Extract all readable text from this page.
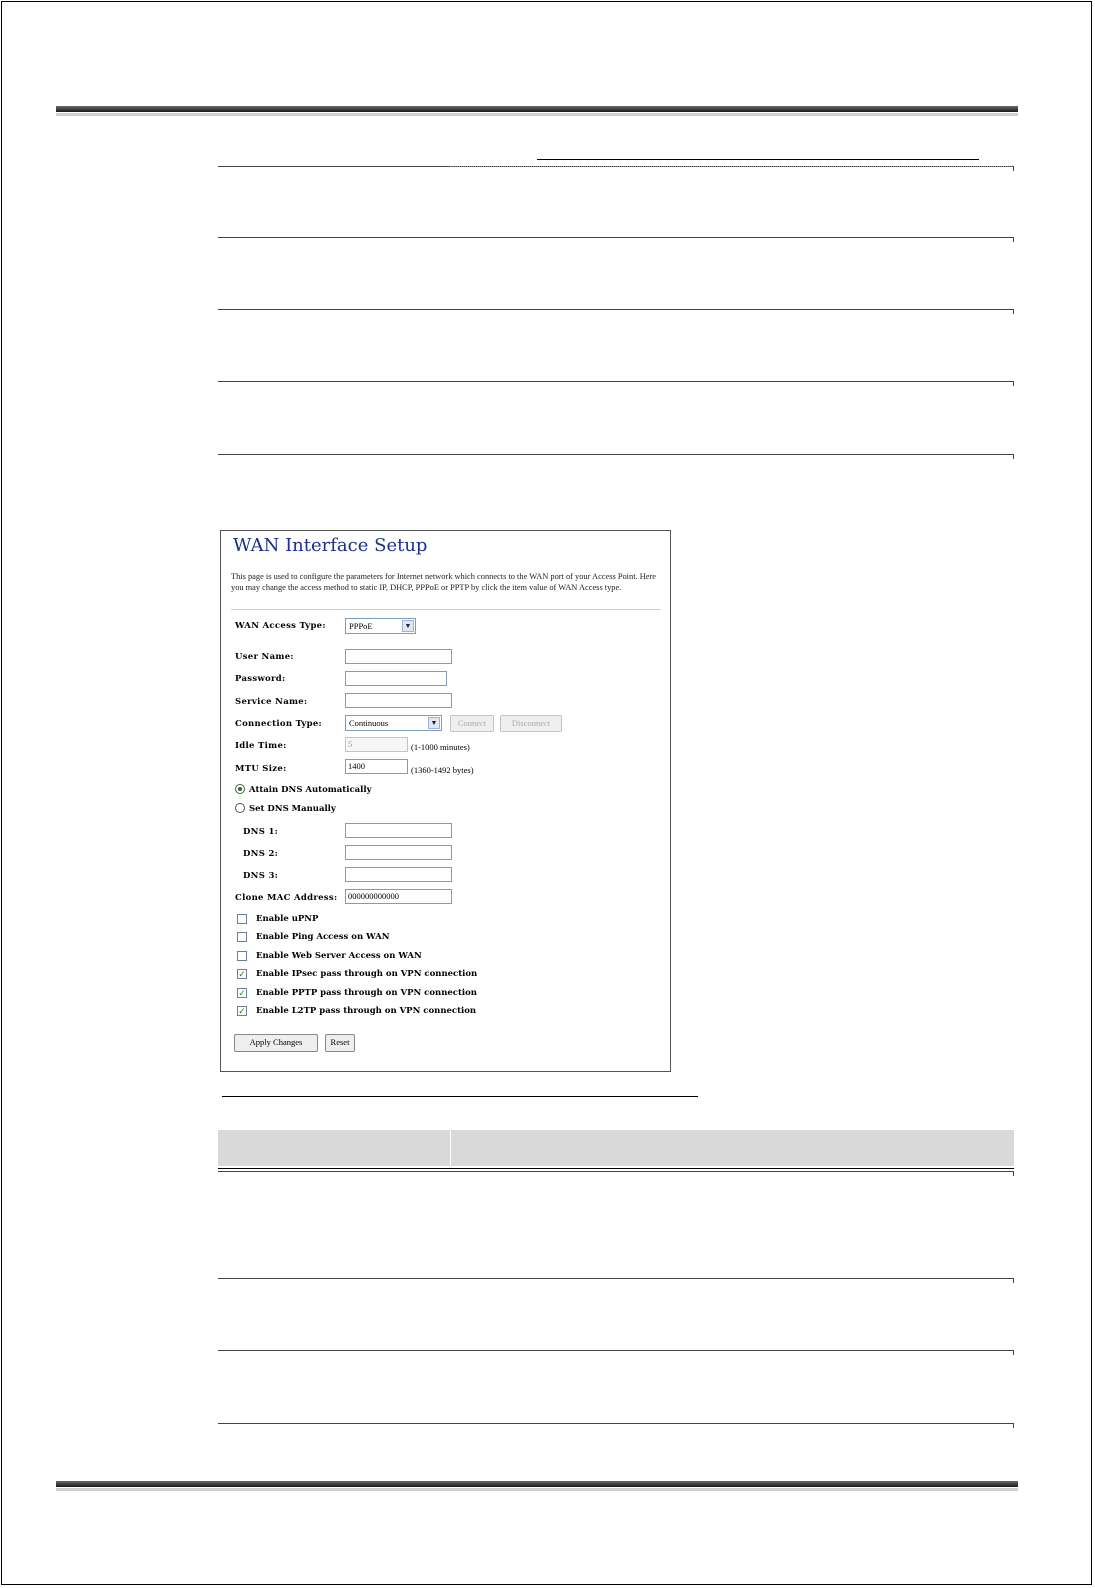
WAN Interface Setup
This page is used to configure the parameters for Internet network which connects to the WAN port of your Access Point. Here you may change the access method to static IP, DHCP, PPPoE or PPTP by click the item value of WAN Access type.
WAN Access Type:	PPPoE	▼
User Name:
Password:
Service Name:
Connection Type:	Continuous	▼	Connect	Disconnect
Idle Time:	5	(1-1000 minutes)
MTU Size:	1400	(1360-1492 bytes)
Attain DNS Automatically
Set DNS Manually
DNS 1:
DNS 2:
DNS 3:
Clone MAC Address:	000000000000
Enable uPNP
Enable Ping Access on WAN
Enable Web Server Access on WAN
✓ Enable IPsec pass through on VPN connection
✓ Enable PPTP pass through on VPN connection
✓ Enable L2TP pass through on VPN connection
Apply Changes	Reset
